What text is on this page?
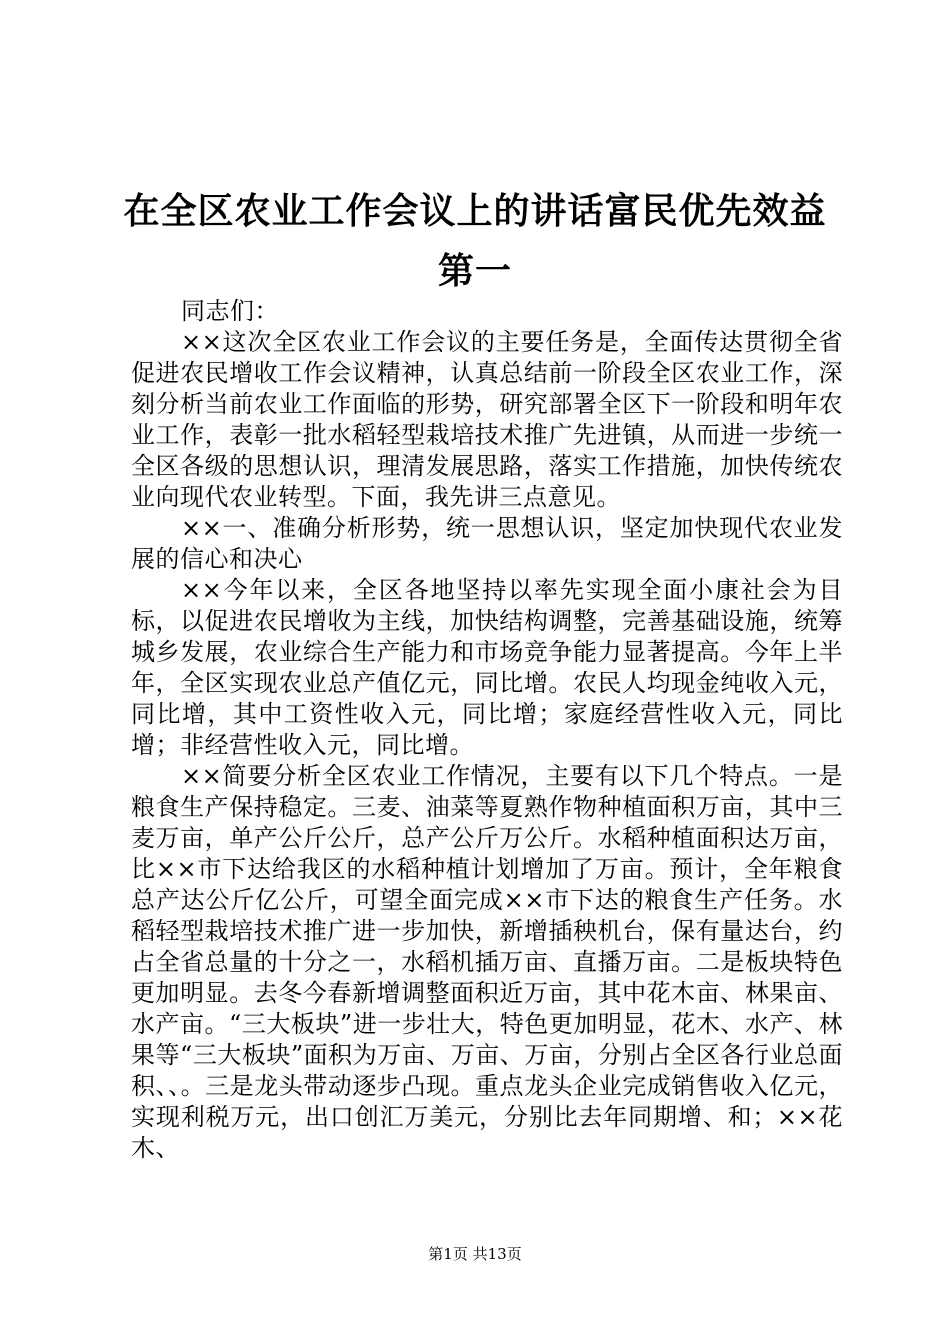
在全区农业工作会议上的讲话富民优先效益第一

同志们：

××这次全区农业工作会议的主要任务是，全面传达贯彻全省促进农民增收工作会议精神，认真总结前一阶段全区农业工作，深刻分析当前农业工作面临的形势，研究部署全区下一阶段和明年农业工作，表彰一批水稻轻型栽培技术推广先进镇，从而进一步统一全区各级的思想认识，理清发展思路，落实工作措施，加快传统农业向现代农业转型。下面，我先讲三点意见。

××一、准确分析形势，统一思想认识，坚定加快现代农业发展的信心和决心

××今年以来，全区各地坚持以率先实现全面小康社会为目标，以促进农民增收为主线，加快结构调整，完善基础设施，统筹城乡发展，农业综合生产能力和市场竞争能力显著提高。今年上半年，全区实现农业总产值亿元，同比增。农民人均现金纯收入元，同比增，其中工资性收入元，同比增；家庭经营性收入元，同比增；非经营性收入元，同比增。

××简要分析全区农业工作情况，主要有以下几个特点。一是粮食生产保持稳定。三麦、油菜等夏熟作物种植面积万亩，其中三麦万亩，单产公斤公斤，总产公斤万公斤。水稻种植面积达万亩，比××市下达给我区的水稻种植计划增加了万亩。预计，全年粮食总产达公斤亿公斤，可望全面完成××市下达的粮食生产任务。水稻轻型栽培技术推广进一步加快，新增插秧机台，保有量达台，约占全省总量的十分之一，水稻机插万亩、直播万亩。二是板块特色更加明显。去冬今春新增调整面积近万亩，其中花木亩、林果亩、水产亩。“三大板块”进一步壮大，特色更加明显，花木、水产、林果等“三大板块”面积为万亩、万亩、万亩，分别占全区各行业总面积、、。三是龙头带动逐步凸现。重点龙头企业完成销售收入亿元，实现利税万元，出口创汇万美元，分别比去年同期增、和；××花木、

第1页 共13页
